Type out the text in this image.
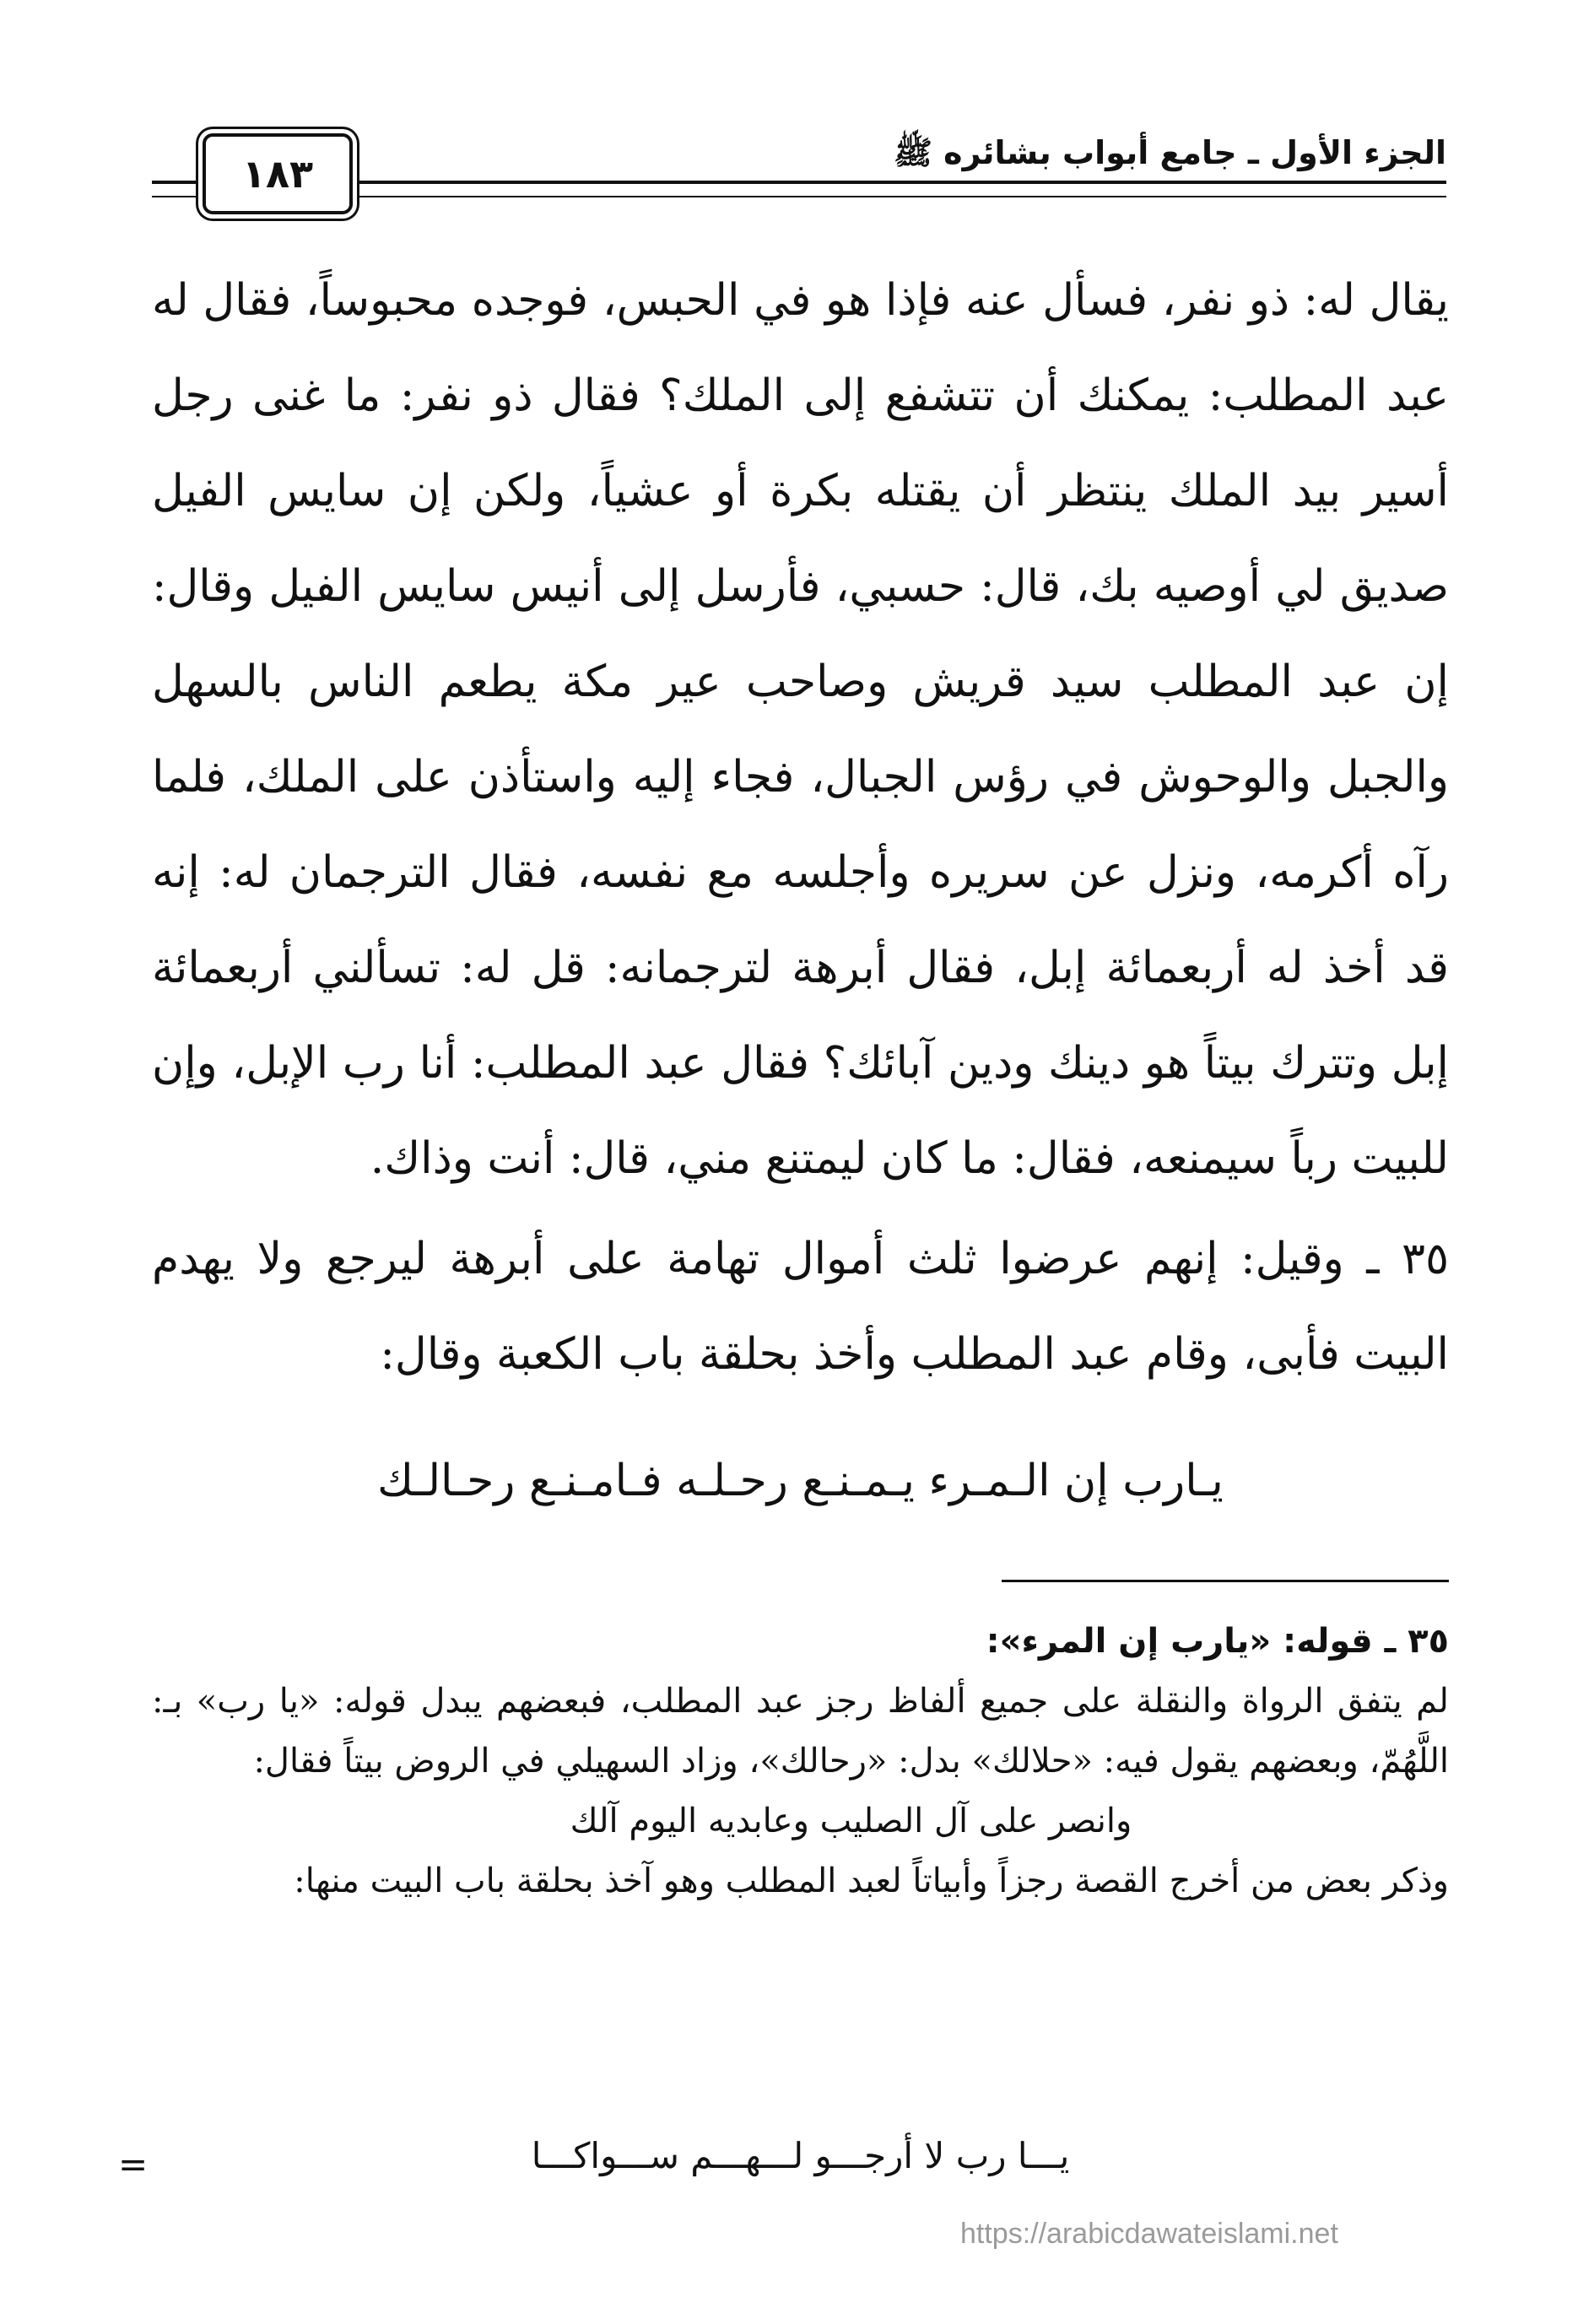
الجزء الأول ـ جامع أبواب بشائره ﷺ
١٨٣

يقال له: ذو نفر، فسأل عنه فإذا هو في الحبس، فوجده محبوساً، فقال له عبد المطلب: يمكنك أن تتشفع إلى الملك؟ فقال ذو نفر: ما غنى رجل أسير بيد الملك ينتظر أن يقتله بكرة أو عشياً، ولكن إن سايس الفيل صديق لي أوصيه بك، قال: حسبي، فأرسل إلى أنيس سايس الفيل وقال: إن عبد المطلب سيد قريش وصاحب عير مكة يطعم الناس بالسهل والجبل والوحوش في رؤس الجبال، فجاء إليه واستأذن على الملك، فلما رآه أكرمه، ونزل عن سريره وأجلسه مع نفسه، فقال الترجمان له: إنه قد أخذ له أربعمائة إبل، فقال أبرهة لترجمانه: قل له: تسألني أربعمائة إبل وتترك بيتاً هو دينك ودين آبائك؟ فقال عبد المطلب: أنا رب الإبل، وإن للبيت رباً سيمنعه، فقال: ما كان ليمتنع مني، قال: أنت وذاك.

٣٥ ـ وقيل: إنهم عرضوا ثلث أموال تهامة على أبرهة ليرجع ولا يهدم البيت فأبى، وقام عبد المطلب وأخذ بحلقة باب الكعبة وقال:

يـارب إن الـمـرء يـمـنـع رحـلـه فـامـنـع رحـالـك

٣٥ ـ قوله: «يارب إن المرء»:

لم يتفق الرواة والنقلة على جميع ألفاظ رجز عبد المطلب، فبعضهم يبدل قوله: «يا رب» بـ: اللَّهُمّ، وبعضهم يقول فيه: «حلالك» بدل: «رحالك»، وزاد السهيلي في الروض بيتاً فقال:

وانصر على آل الصليب وعابديه اليوم آلك

وذكر بعض من أخرج القصة رجزاً وأبياتاً لعبد المطلب وهو آخذ بحلقة باب البيت منها:

يـــا رب لا أرجـــو لـــهـــم ســـواكـــا
=
https://arabicdawateislami.net
